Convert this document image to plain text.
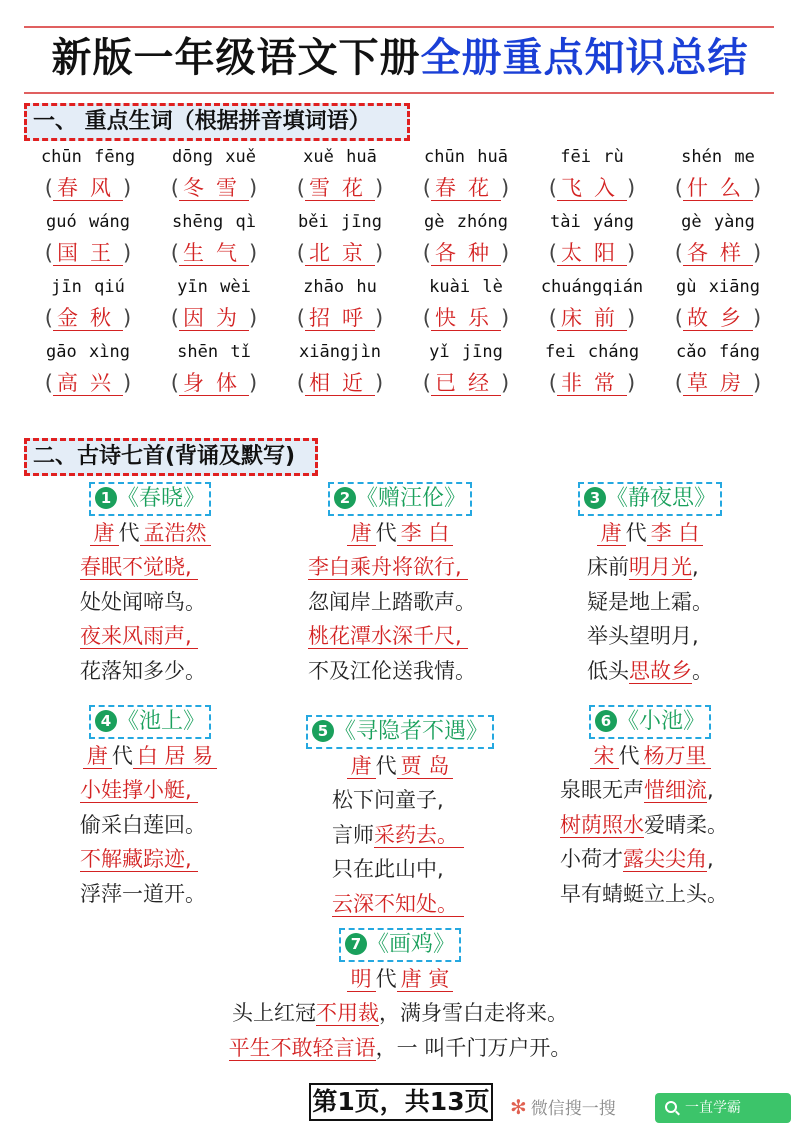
新版一年级语文下册全册重点知识总结
一、 重点生词（根据拼音填词语）
chūn fēng
( 春风)
dōng xuě
( 冬雪)
xuě huā
( 雪花)
chūn huā
( 春花)
fēi rù
( 飞入)
shén me
( 什么)
guó wáng
( 国王)
shēng qì
( 生气)
běi jīng
( 北京)
gè zhóng
( 各种)
tài yáng
( 太阳)
gè yàng
( 各样)
jīn qiú
( 金秋)
yīn wèi
( 因为)
zhāo hu
( 招呼)
kuài lè
( 快乐)
chuángqián
( 床前)
gù xiāng
( 故乡)
gāo xìng
( 高兴)
shēn tǐ
( 身体)
xiāngjìn
( 相近)
yǐ jīng
( 已经)
fei cháng
( 非常)
cǎo fáng
( 草房)
二、古诗七首(背诵及默写)
1 《春晓》
唐 代 孟浩然
春眠不觉晓,
处处闻啼鸟。
夜来风雨声,
花落知多少。
2 《赠汪伦》
唐 代 李 白
李白乘舟将欲行,
忽闻岸上踏歌声。
桃花潭水深千尺,
不及江伦送我情。
3 《静夜思》
唐 代 李 白
床前明月光,
疑是地上霜。
举头望明月,
低头思故乡。
4 《池上》
唐 代 白 居 易
小娃撑小艇,
偷采白莲回。
不解藏踪迹,
浮萍一道开。
5 《寻隐者不遇》
唐 代 贾 岛
松下问童子,
言师采药去。
只在此山中,
云深不知处。
6 《小池》
宋 代 杨万里
泉眼无声惜细流,
树荫照水爱晴柔。
小荷才露尖尖角,
早有蜻蜓立上头。
7 《画鸡》
明 代 唐 寅
头上红冠不用裁，满身雪白走将来。
平生不敢轻言语，一 叫千门万户开。
第1页，共13页 ✻ 微信搜一搜	一直学霸
